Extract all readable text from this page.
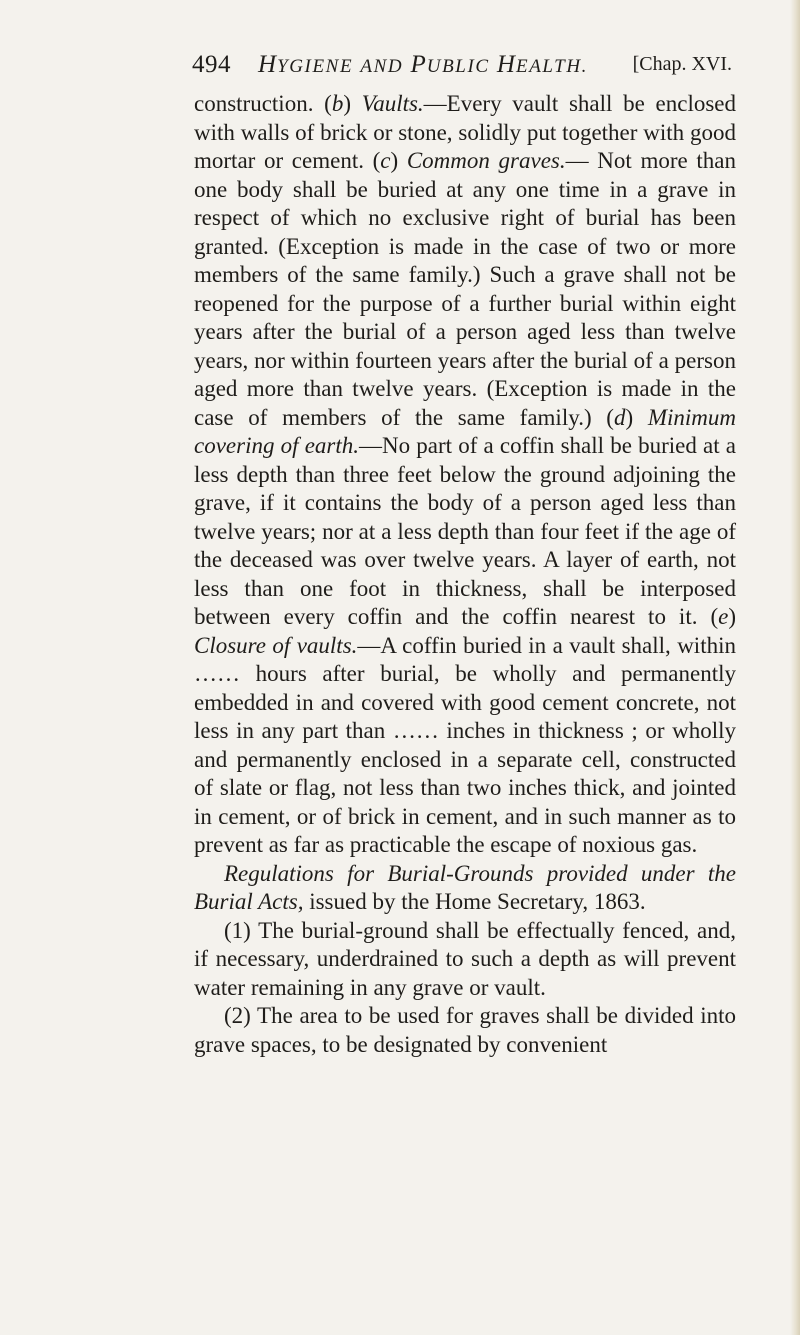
494 HYGIENE AND PUBLIC HEALTH. [Chap. XVI.

construction. (b) Vaults.—Every vault shall be enclosed with walls of brick or stone, solidly put together with good mortar or cement. (c) Common graves.— Not more than one body shall be buried at any one time in a grave in respect of which no exclusive right of burial has been granted. (Exception is made in the case of two or more members of the same family.) Such a grave shall not be reopened for the purpose of a further burial within eight years after the burial of a person aged less than twelve years, nor within fourteen years after the burial of a person aged more than twelve years. (Exception is made in the case of members of the same family.) (d) Minimum covering of earth.—No part of a coffin shall be buried at a less depth than three feet below the ground adjoining the grave, if it contains the body of a person aged less than twelve years; nor at a less depth than four feet if the age of the deceased was over twelve years. A layer of earth, not less than one foot in thickness, shall be interposed between every coffin and the coffin nearest to it. (e) Closure of vaults.—A coffin buried in a vault shall, within …… hours after burial, be wholly and permanently embedded in and covered with good cement concrete, not less in any part than …… inches in thickness ; or wholly and permanently enclosed in a separate cell, constructed of slate or flag, not less than two inches thick, and jointed in cement, or of brick in cement, and in such manner as to prevent as far as practicable the escape of noxious gas.

Regulations for Burial-Grounds provided under the Burial Acts, issued by the Home Secretary, 1863.

(1) The burial-ground shall be effectually fenced, and, if necessary, underdrained to such a depth as will prevent water remaining in any grave or vault.

(2) The area to be used for graves shall be divided into grave spaces, to be designated by convenient
